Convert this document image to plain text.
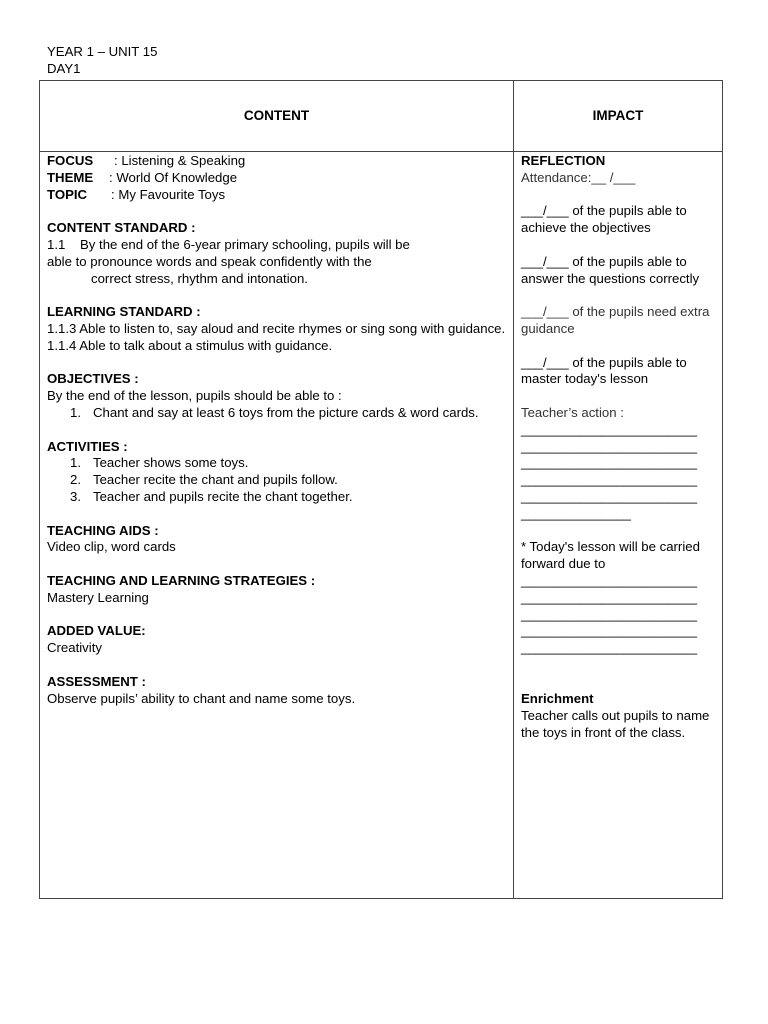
YEAR 1 – UNIT 15
DAY1
CONTENT	IMPACT
FOCUS : Listening & Speaking
THEME : World Of Knowledge
TOPIC : My Favourite Toys
CONTENT STANDARD :
1.1    By the end of the 6-year primary schooling, pupils will be
able to pronounce words and speak confidently with the
correct stress, rhythm and intonation.
LEARNING STANDARD :
1.1.3 Able to listen to, say aloud and recite rhymes or sing song with guidance.
1.1.4 Able to talk about a stimulus with guidance.
OBJECTIVES :
By the end of the lesson, pupils should be able to :
1. Chant and say at least 6 toys from the picture cards & word cards.
ACTIVITIES :
1. Teacher shows some toys.
2. Teacher recite the chant and pupils follow.
3. Teacher and pupils recite the chant together.
TEACHING AIDS :
Video clip, word cards
TEACHING AND LEARNING STRATEGIES :
Mastery Learning
ADDED VALUE:
Creativity
ASSESSMENT :
Observe pupils’ ability to chant and name some toys.
REFLECTION
Attendance:__ /___
___/___ of the pupils able to achieve the objectives
___/___ of the pupils able to answer the questions correctly
___/___ of the pupils need extra guidance
___/___ of the pupils able to master today's lesson
Teacher’s action :
________________________
________________________
________________________
________________________
________________________
_______________
* Today's lesson will be carried forward due to
________________________
________________________
________________________
________________________
________________________
Enrichment
Teacher calls out pupils to name the toys in front of the class.
